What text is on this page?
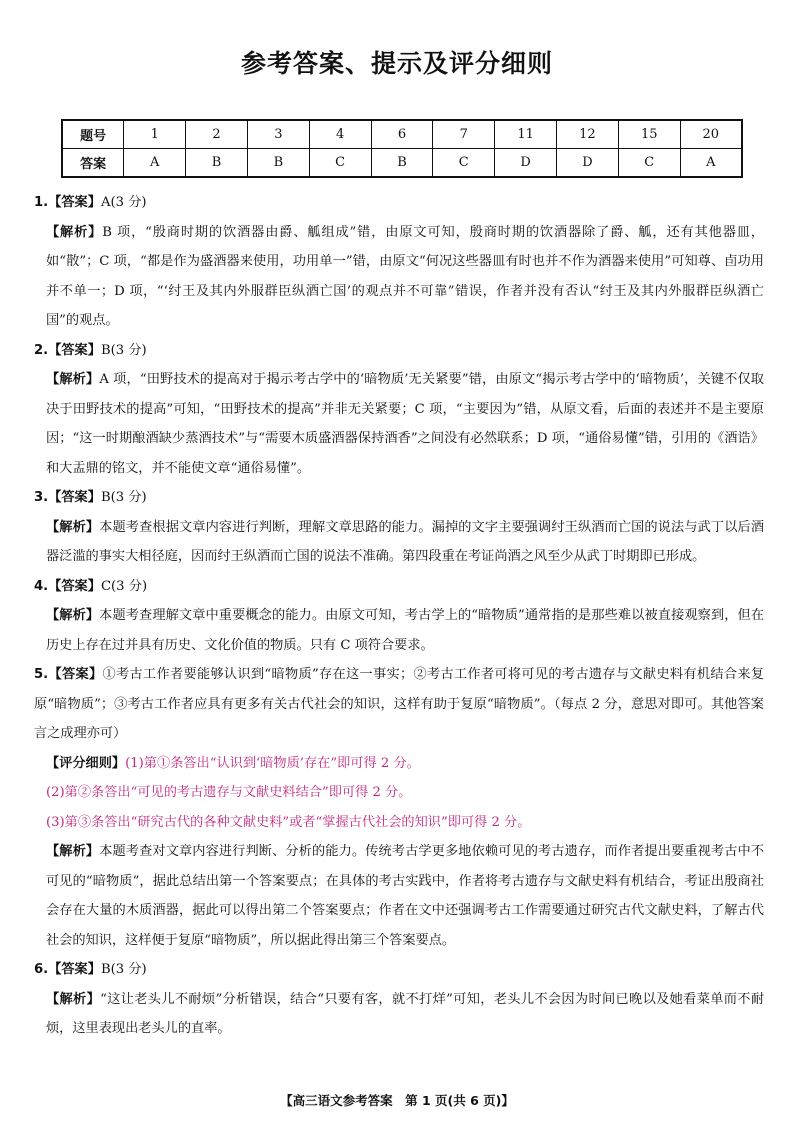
参考答案、提示及评分细则
题号	1	2	3	4	6	7	11	12	15	20
答案	A	B	B	C	B	C	D	D	C	A
1.【答案】A(3 分)
【解析】B 项，“殷商时期的饮酒器由爵、觚组成”错，由原文可知，殷商时期的饮酒器除了爵、觚，还有其他器皿，如“散”；C 项，“都是作为盛酒器来使用，功用单一”错，由原文“何况这些器皿有时也并不作为酒器来使用”可知尊、卣功用并不单一；D 项，“‘纣王及其内外服群臣纵酒亡国’的观点并不可靠”错误，作者并没有否认“纣王及其内外服群臣纵酒亡国”的观点。
2.【答案】B(3 分)
【解析】A 项，“田野技术的提高对于揭示考古学中的‘暗物质’无关紧要”错，由原文“揭示考古学中的‘暗物质’，关键不仅取决于田野技术的提高”可知，“田野技术的提高”并非无关紧要；C 项，“主要因为”错，从原文看，后面的表述并不是主要原因；“这一时期酿酒缺少蒸酒技术”与“需要木质盛酒器保持酒香”之间没有必然联系；D 项，“通俗易懂”错，引用的《酒诰》和大盂鼎的铭文，并不能使文章“通俗易懂”。
3.【答案】B(3 分)
【解析】本题考查根据文章内容进行判断，理解文章思路的能力。漏掉的文字主要强调纣王纵酒而亡国的说法与武丁以后酒器泛滥的事实大相径庭，因而纣王纵酒而亡国的说法不准确。第四段重在考证尚酒之风至少从武丁时期即已形成。
4.【答案】C(3 分)
【解析】本题考查理解文章中重要概念的能力。由原文可知，考古学上的“暗物质”通常指的是那些难以被直接观察到，但在历史上存在过并具有历史、文化价值的物质。只有 C 项符合要求。
5.【答案】①考古工作者要能够认识到“暗物质”存在这一事实；②考古工作者可将可见的考古遗存与文献史料有机结合来复原“暗物质”；③考古工作者应具有更多有关古代社会的知识，这样有助于复原“暗物质”。（每点 2 分，意思对即可。其他答案言之成理亦可）
【评分细则】(1)第①条答出“认识到‘暗物质’存在”即可得 2 分。
(2)第②条答出“可见的考古遗存与文献史料结合”即可得 2 分。
(3)第③条答出“研究古代的各种文献史料”或者“掌握古代社会的知识”即可得 2 分。
【解析】本题考查对文章内容进行判断、分析的能力。传统考古学更多地依赖可见的考古遗存，而作者提出要重视考古中不可见的“暗物质”，据此总结出第一个答案要点；在具体的考古实践中，作者将考古遗存与文献史料有机结合，考证出殷商社会存在大量的木质酒器，据此可以得出第二个答案要点；作者在文中还强调考古工作需要通过研究古代文献史料，了解古代社会的知识，这样便于复原“暗物质”，所以据此得出第三个答案要点。
6.【答案】B(3 分)
【解析】“这让老头儿不耐烦”分析错误，结合“只要有客，就不打烊”可知，老头儿不会因为时间已晚以及她看菜单而不耐烦，这里表现出老头儿的直率。
【高三语文参考答案　第 1 页(共 6 页)】
